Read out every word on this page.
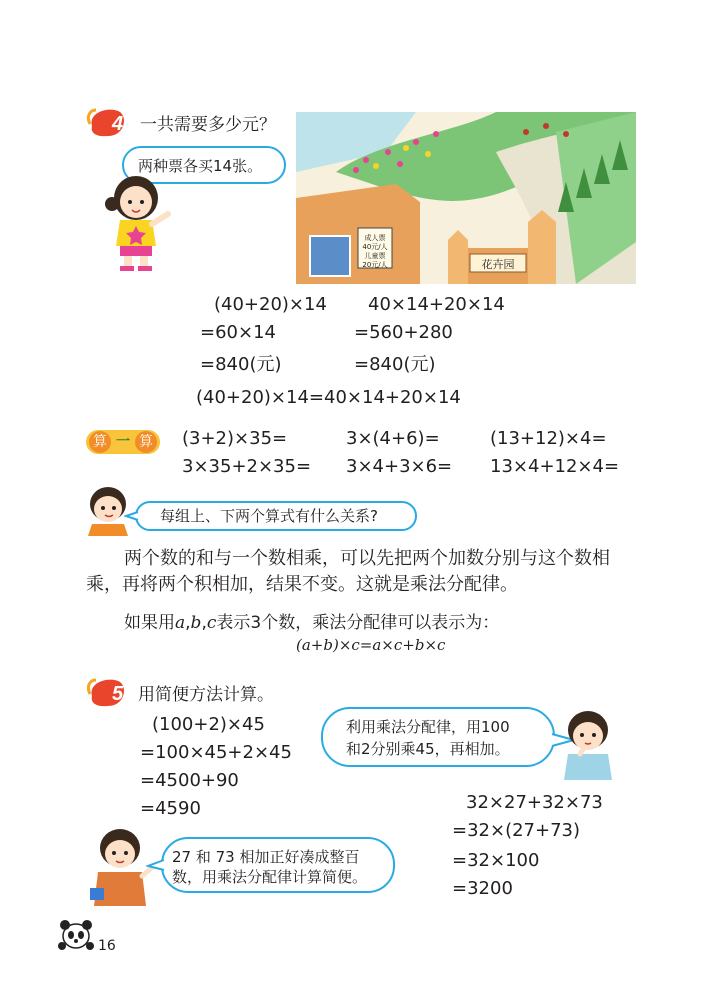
4 一共需要多少元？
两种票各买14张。
成人票
40元/人
儿童票
20元/人	花卉园
(40+20)×14
=60×14
=840(元)
40×14+20×14
=560+280
=840(元)
(40+20)×14=40×14+20×14
算 一 算 (3+2)×35=	3×(4+6)=	(13+12)×4=
3×35+2×35= 3×4+3×6= 13×4+12×4=
每组上、下两个算式有什么关系?
两个数的和与一个数相乘，可以先把两个加数分别与这个数相
乘，再将两个积相加，结果不变。这就是乘法分配律。
如果用a,b,c表示3个数，乘法分配律可以表示为：
(a+b)×c=a×c+b×c
5 用简便方法计算。
(100+2)×45
=100×45+2×45
=4500+90
=4590
利用乘法分配律，用100
和2分别乘45，再相加。
32×27+32×73
=32×(27+73)
=32×100
=3200
27 和 73 相加正好凑成整百
数，用乘法分配律计算简便。
16
